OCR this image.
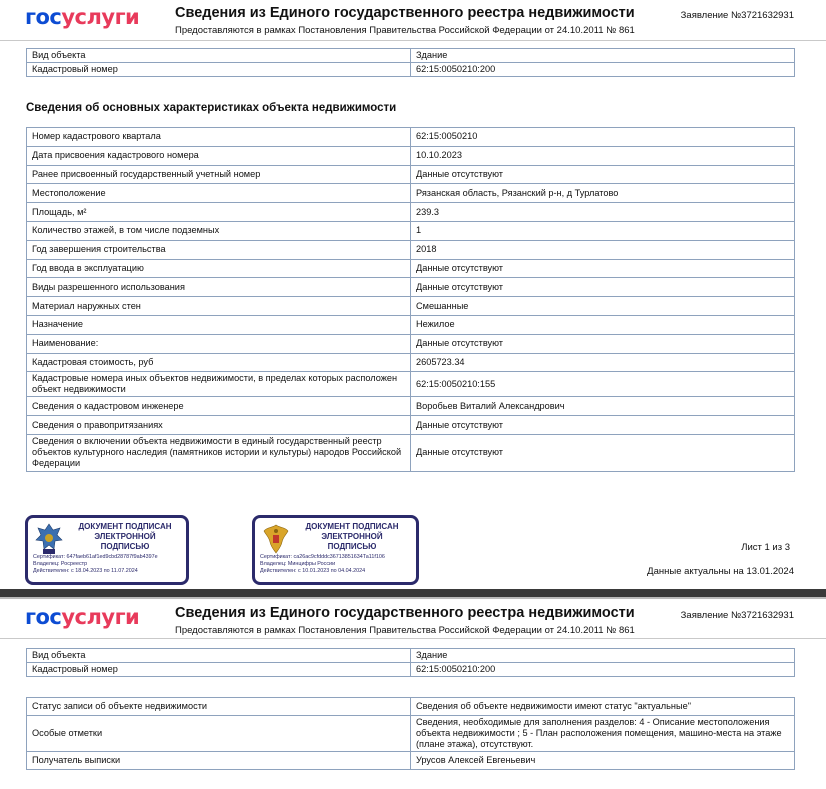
госуслуги Сведения из Единого государственного реестра недвижимости
Предоставляются в рамках Постановления Правительства Российской Федерации от 24.10.2011 № 861
Заявление №3721632931
Вид объекта	Здание
Кадастровый номер	62:15:0050210:200
Сведения об основных характеристиках объекта недвижимости
Номер кадастрового квартала	62:15:0050210
Дата присвоения кадастрового номера	10.10.2023
Ранее присвоенный государственный учетный номер	Данные отсутствуют
Местоположение	Рязанская область, Рязанский р-н, д Турлатово
Площадь, м²	239.3
Количество этажей, в том числе подземных	1
Год завершения строительства	2018
Год ввода в эксплуатацию	Данные отсутствуют
Виды разрешенного использования	Данные отсутствуют
Материал наружных стен	Смешанные
Назначение	Нежилое
Наименование:	Данные отсутствуют
Кадастровая стоимость, руб	2605723.34
Кадастровые номера иных объектов недвижимости, в пределах которых расположен объект недвижимости	62:15:0050210:155
Сведения о кадастровом инженере	Воробьев Виталий Александрович
Сведения о правопритязаниях	Данные отсутствуют
Сведения о включении объекта недвижимости в единый государственный реестр объектов культурного наследия (памятников истории и культуры) народов Российской Федерации	Данные отсутствуют
ДОКУМЕНТ ПОДПИСАН
ЭЛЕКТРОННОЙ
ПОДПИСЬЮ
Сертификат: 647faeb61af1ed9cbd28787f9ab4397e
Владелец: Росреестр
Действителен: с 18.04.2023 по 11.07.2024
ДОКУМЕНТ ПОДПИСАН
ЭЛЕКТРОННОЙ
ПОДПИСЬЮ
Сертификат: ca26ac9cfdddc36713851634Та11f106
Владелец: Минцифры России
Действителен: с 10.01.2023 по 04.04.2024
Лист 1 из 3
Данные актуальны на 13.01.2024
госуслуги Сведения из Единого государственного реестра недвижимости
Предоставляются в рамках Постановления Правительства Российской Федерации от 24.10.2011 № 861
Заявление №3721632931
Вид объекта	Здание
Кадастровый номер	62:15:0050210:200
Статус записи об объекте недвижимости	Сведения об объекте недвижимости имеют статус "актуальные"
Особые отметки	Сведения, необходимые для заполнения разделов: 4 - Описание местоположения объекта недвижимости ; 5 - План расположения помещения, машино-места на этаже (плане этажа), отсутствуют.
Получатель выписки	Урусов Алексей Евгеньевич
